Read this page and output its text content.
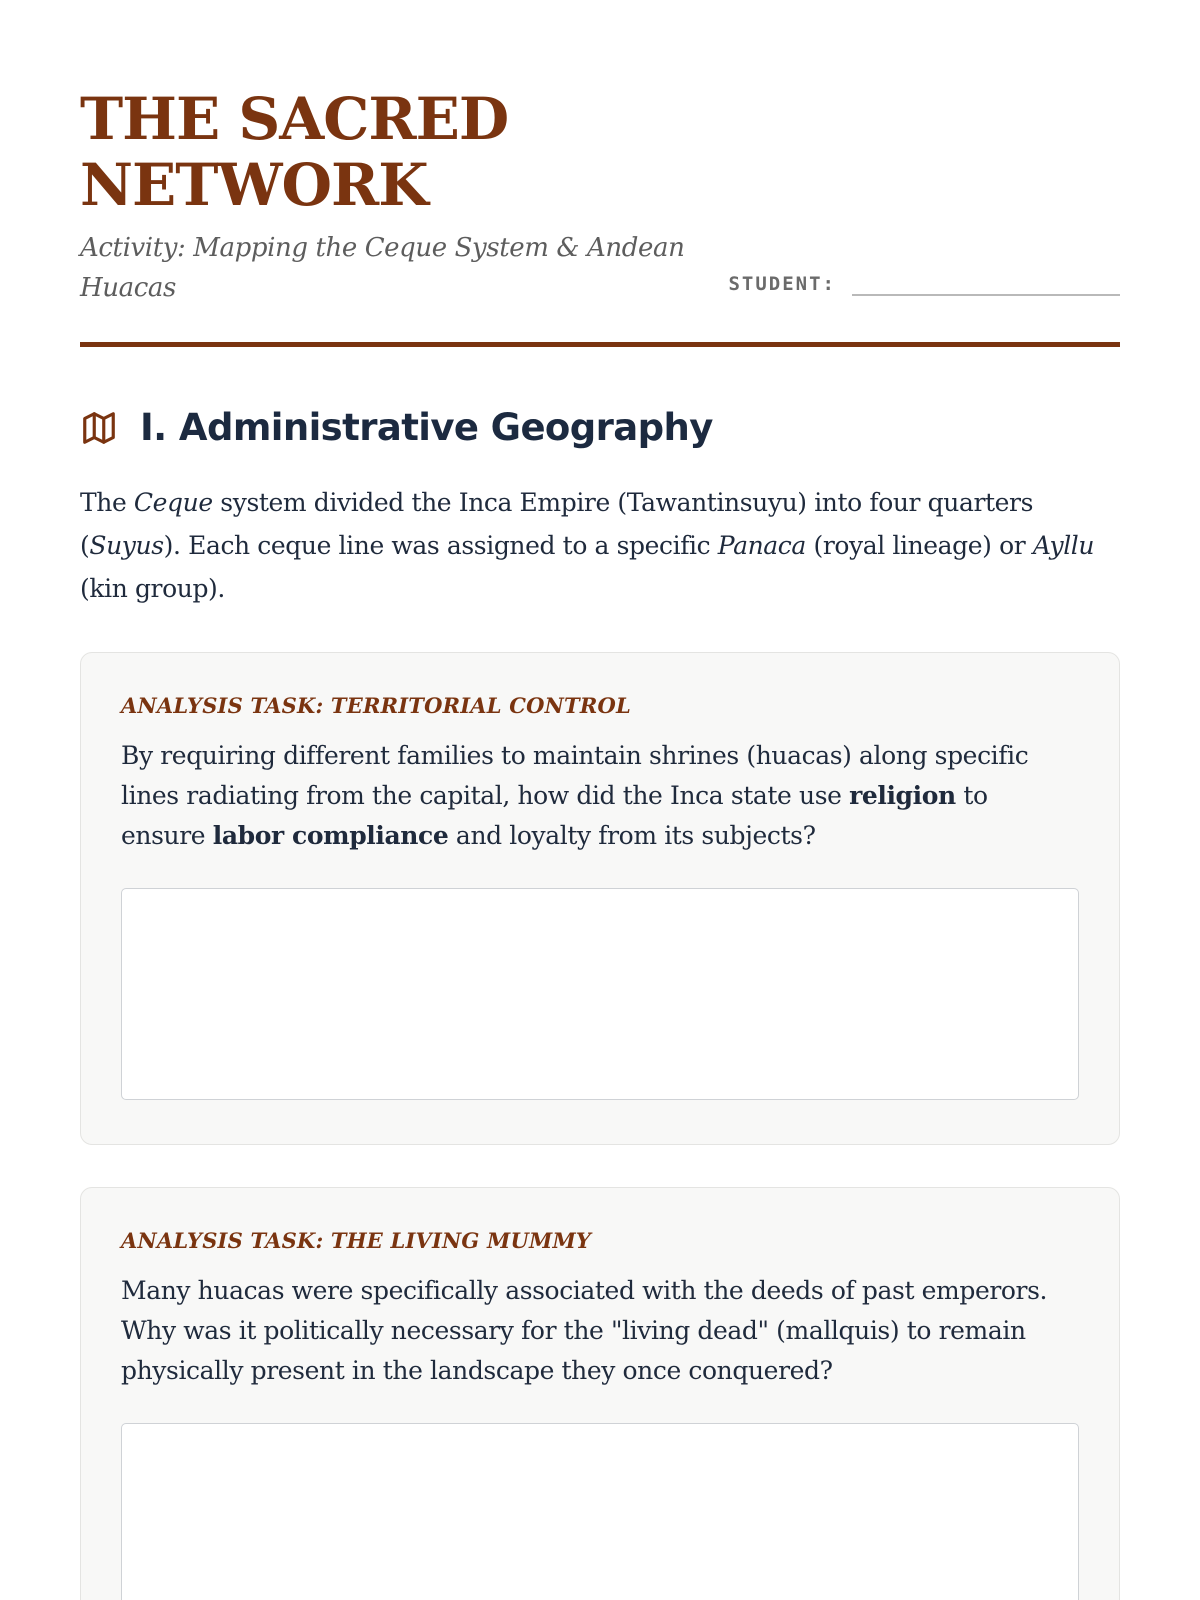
THE SACRED
NETWORK
Activity: Mapping the Ceque System & Andean Huacas	STUDENT:
I. Administrative Geography

The Ceque system divided the Inca Empire (Tawantinsuyu) into four quarters (Suyus). Each ceque line was assigned to a specific Panaca (royal lineage) or Ayllu (kin group).

ANALYSIS TASK: TERRITORIAL CONTROL

By requiring different families to maintain shrines (huacas) along specific lines radiating from the capital, how did the Inca state use religion to ensure labor compliance and loyalty from its subjects?

ANALYSIS TASK: THE LIVING MUMMY

Many huacas were specifically associated with the deeds of past emperors. Why was it politically necessary for the "living dead" (mallquis) to remain physically present in the landscape they once conquered?
